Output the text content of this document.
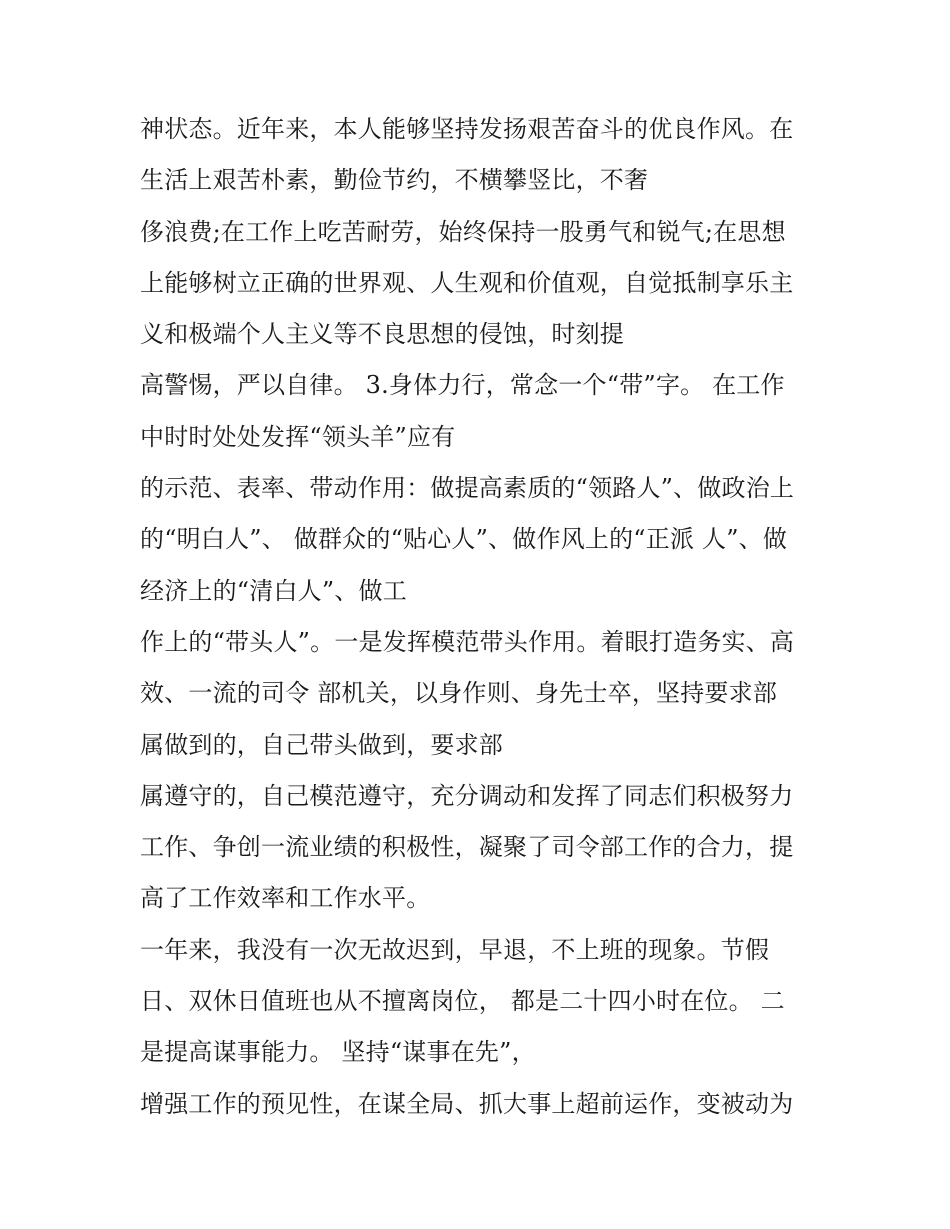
神状态。近年来，本人能够坚持发扬艰苦奋斗的优良作风。在
生活上艰苦朴素，勤俭节约，不横攀竖比，不奢
侈浪费;在工作上吃苦耐劳，始终保持一股勇气和锐气;在思想
上能够树立正确的世界观、人生观和价值观，自觉抵制享乐主
义和极端个人主义等不良思想的侵蚀，时刻提
高警惕，严以自律。 3.身体力行，常念一个“带”字。 在工作
中时时处处发挥“领头羊”应有
的示范、表率、带动作用：做提高素质的“领路人”、做政治上
的“明白人”、 做群众的“贴心人”、做作风上的“正派 人”、做
经济上的“清白人”、做工
作上的“带头人”。一是发挥模范带头作用。着眼打造务实、高
效、一流的司令 部机关，以身作则、身先士卒，坚持要求部
属做到的，自己带头做到，要求部
属遵守的，自己模范遵守，充分调动和发挥了同志们积极努力
工作、争创一流业绩的积极性，凝聚了司令部工作的合力，提
高了工作效率和工作水平。
一年来，我没有一次无故迟到，早退，不上班的现象。节假
日、双休日值班也从不擅离岗位， 都是二十四小时在位。 二
是提高谋事能力。 坚持“谋事在先”，
增强工作的预见性，在谋全局、抓大事上超前运作，变被动为
